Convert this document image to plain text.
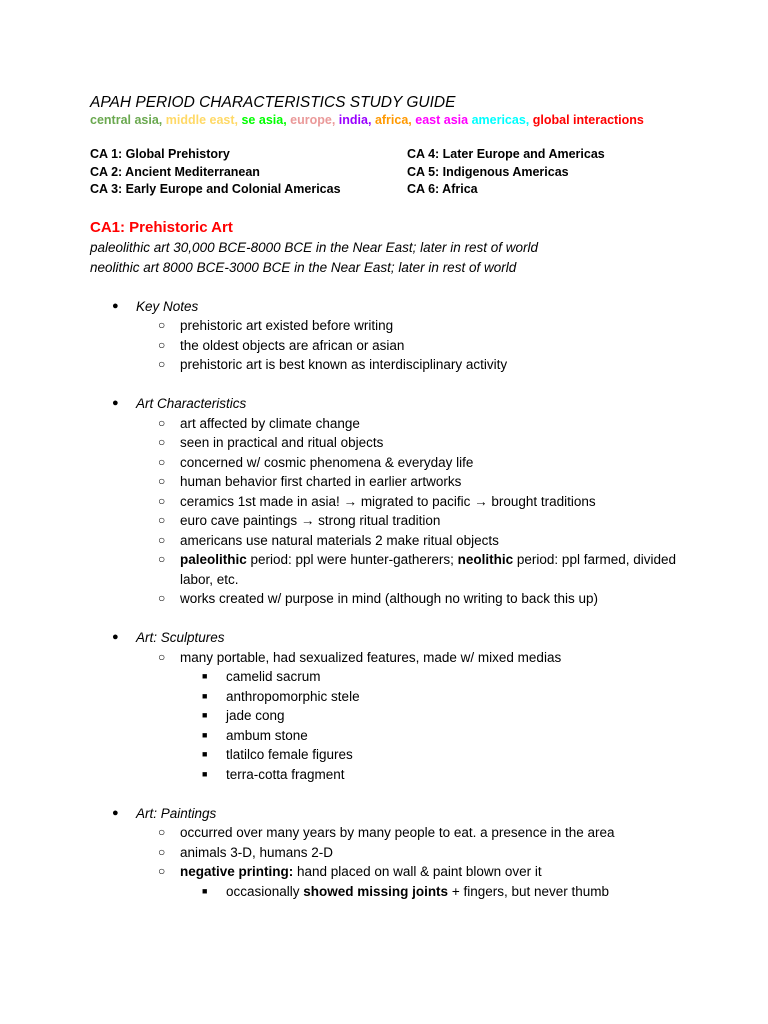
APAH PERIOD CHARACTERISTICS STUDY GUIDE

central asia, middle east, se asia, europe, india, africa, east asia americas, global interactions

CA 1: Global Prehistory	CA 4: Later Europe and Americas
CA 2: Ancient Mediterranean	CA 5: Indigenous Americas
CA 3: Early Europe and Colonial Americas	CA 6: Africa
CA1: Prehistoric Art
paleolithic art 30,000 BCE-8000 BCE in the Near East; later in rest of world
neolithic art 8000 BCE-3000 BCE in the Near East; later in rest of world
● Key Notes
○ prehistoric art existed before writing
○ the oldest objects are african or asian
○ prehistoric art is best known as interdisciplinary activity
● Art Characteristics
○ art affected by climate change
○ seen in practical and ritual objects
○ concerned w/ cosmic phenomena & everyday life
○ human behavior first charted in earlier artworks
○ ceramics 1st made in asia! → migrated to pacific → brought traditions
○ euro cave paintings → strong ritual tradition
○ americans use natural materials 2 make ritual objects
○ paleolithic period: ppl were hunter-gatherers; neolithic period: ppl farmed, divided labor, etc.
○ works created w/ purpose in mind (although no writing to back this up)
● Art: Sculptures
○ many portable, had sexualized features, made w/ mixed medias
■ camelid sacrum
■ anthropomorphic stele
■ jade cong
■ ambum stone
■ tlatilco female figures
■ terra-cotta fragment
● Art: Paintings
○ occurred over many years by many people to eat. a presence in the area
○ animals 3-D, humans 2-D
○ negative printing: hand placed on wall & paint blown over it
■ occasionally showed missing joints + fingers, but never thumb
